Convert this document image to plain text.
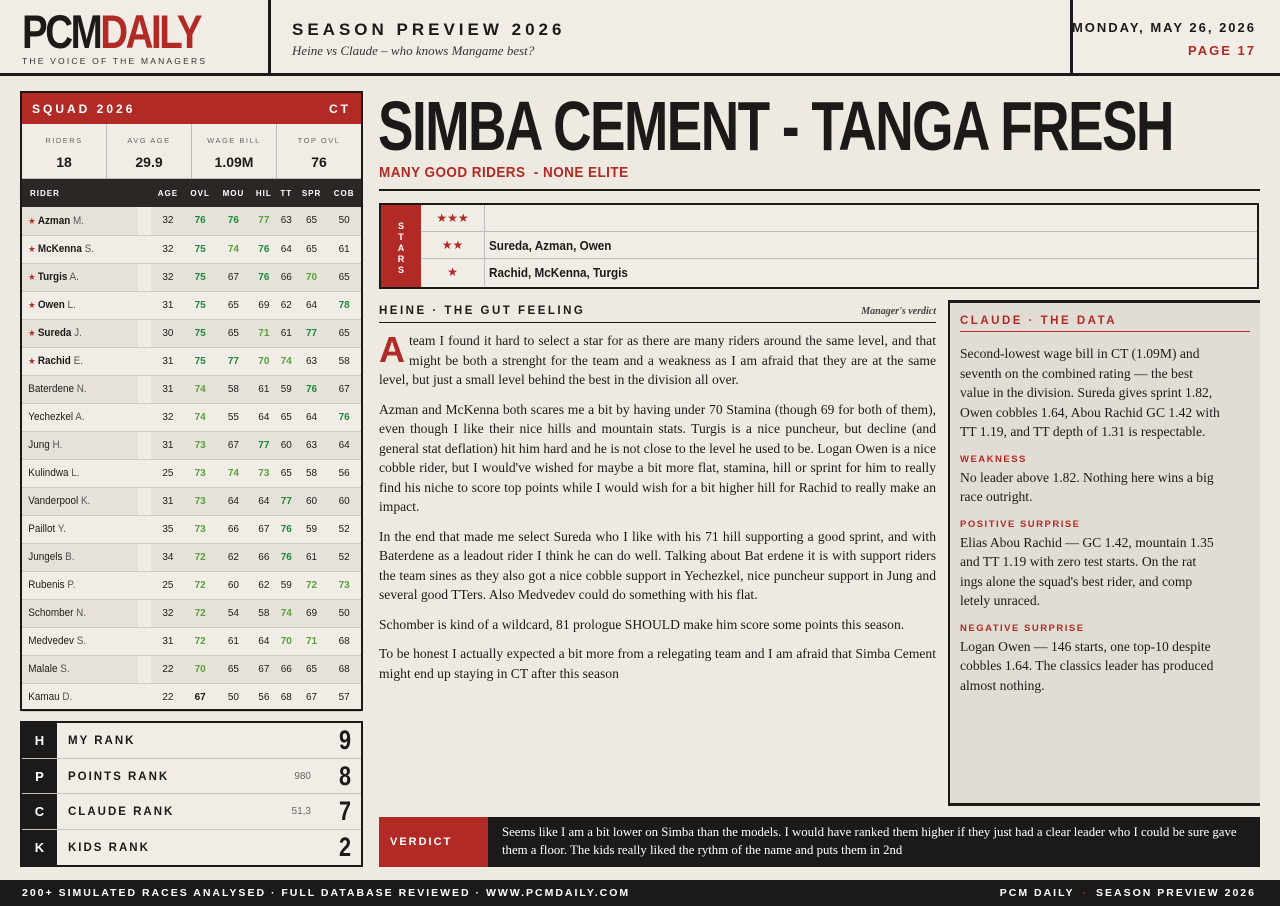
PCMDAILY
THE VOICE OF THE MANAGERS
SEASON PREVIEW 2026
Heine vs Claude – who knows Mangame best?
MONDAY, MAY 26, 2026
PAGE 17
SQUAD 2026	CT
RIDERS
18
AVG AGE
29.9
WAGE BILL
1.09M
TOP OVL
76
RIDER	AGE	OVL	MOU	HIL	TT	SPR	COB
★ Azman M.	32	76	76	77	63	65	50
★ McKenna S.	32	75	74	76	64	65	61
★ Turgis A.	32	75	67	76	66	70	65
★ Owen L.	31	75	65	69	62	64	78
★ Sureda J.	30	75	65	71	61	77	65
★ Rachid E.	31	75	77	70	74	63	58
Baterdene N.	31	74	58	61	59	76	67
Yechezkel A.	32	74	55	64	65	64	76
Jung H.	31	73	67	77	60	63	64
Kulindwa L.	25	73	74	73	65	58	56
Vanderpool K.	31	73	64	64	77	60	60
Paillot Y.	35	73	66	67	76	59	52
Jungels B.	34	72	62	66	76	61	52
Rubenis P.	25	72	60	62	59	72	73
Schomber N.	32	72	54	58	74	69	50
Medvedev S.	31	72	61	64	70	71	68
Malale S.	22	70	65	67	66	65	68
Kamau D.	22	67	50	56	68	67	57
H	MY RANK	9
P	POINTS RANK	980 8
C	CLAUDE RANK	51,3 7
K	KIDS RANK	2
SIMBA CEMENT - TANGA FRESH
MANY GOOD RIDERS  - NONE ELITE
S
T
A
R
S
★★★
★★	Sureda, Azman, Owen
★	Rachid, McKenna, Turgis
HEINE · THE GUT FEELING	Manager's verdict

Ateam I found it hard to select a star for as there are many riders around the same level, and that might be both a strenght for the team and a weakness as I am afraid that they are at the same level, but just a small level behind the best in the division all over.

Azman and McKenna both scares me a bit by having under 70 Stamina (though 69 for both of them), even though I like their nice hills and mountain stats. Turgis is a nice puncheur, but decline (and general stat deflation) hit him hard and he is not close to the level he used to be. Logan Owen is a nice cobble rider, but I would've wished for maybe a bit more flat, stamina, hill or sprint for him to really find his niche to score top points while I would wish for a bit higher hill for Rachid to really make an impact.

In the end that made me select Sureda who I like with his 71 hill supporting a good sprint, and with Baterdene as a leadout rider I think he can do well. Talking about Bat erdene it is with support riders the team sines as they also got a nice cobble support in Yechezkel, nice puncheur support in Jung and several good TTers. Also Medvedev could do something with his flat.

Schomber is kind of a wildcard, 81 prologue SHOULD make him score some points this season.

To be honest I actually expected a bit more from a relegating team and I am afraid that Simba Cement might end up staying in CT after this season

CLAUDE · THE DATA
Second-lowest wage bill in CT (1.09M) and
seventh on the combined rating — the best
value in the division. Sureda gives sprint 1.82,
Owen cobbles 1.64, Abou Rachid GC 1.42 with
TT 1.19, and TT depth of 1.31 is respectable.
WEAKNESS
No leader above 1.82. Nothing here wins a big
race outright.
POSITIVE SURPRISE
Elias Abou Rachid — GC 1.42, mountain 1.35
and TT 1.19 with zero test starts. On the rat
ings alone the squad's best rider, and comp
letely unraced.
NEGATIVE SURPRISE
Logan Owen — 146 starts, one top-10 despite
cobbles 1.64. The classics leader has produced
almost nothing.
VERDICT
Seems like I am a bit lower on Simba than the models. I would have ranked them higher if they just had a clear leader who I could be sure gave them a floor. The kids really liked the rythm of the name and puts them in 2nd
200+ SIMULATED RACES ANALYSED · FULL DATABASE REVIEWED · WWW.PCMDAILY.COM	PCM DAILY · SEASON PREVIEW 2026
